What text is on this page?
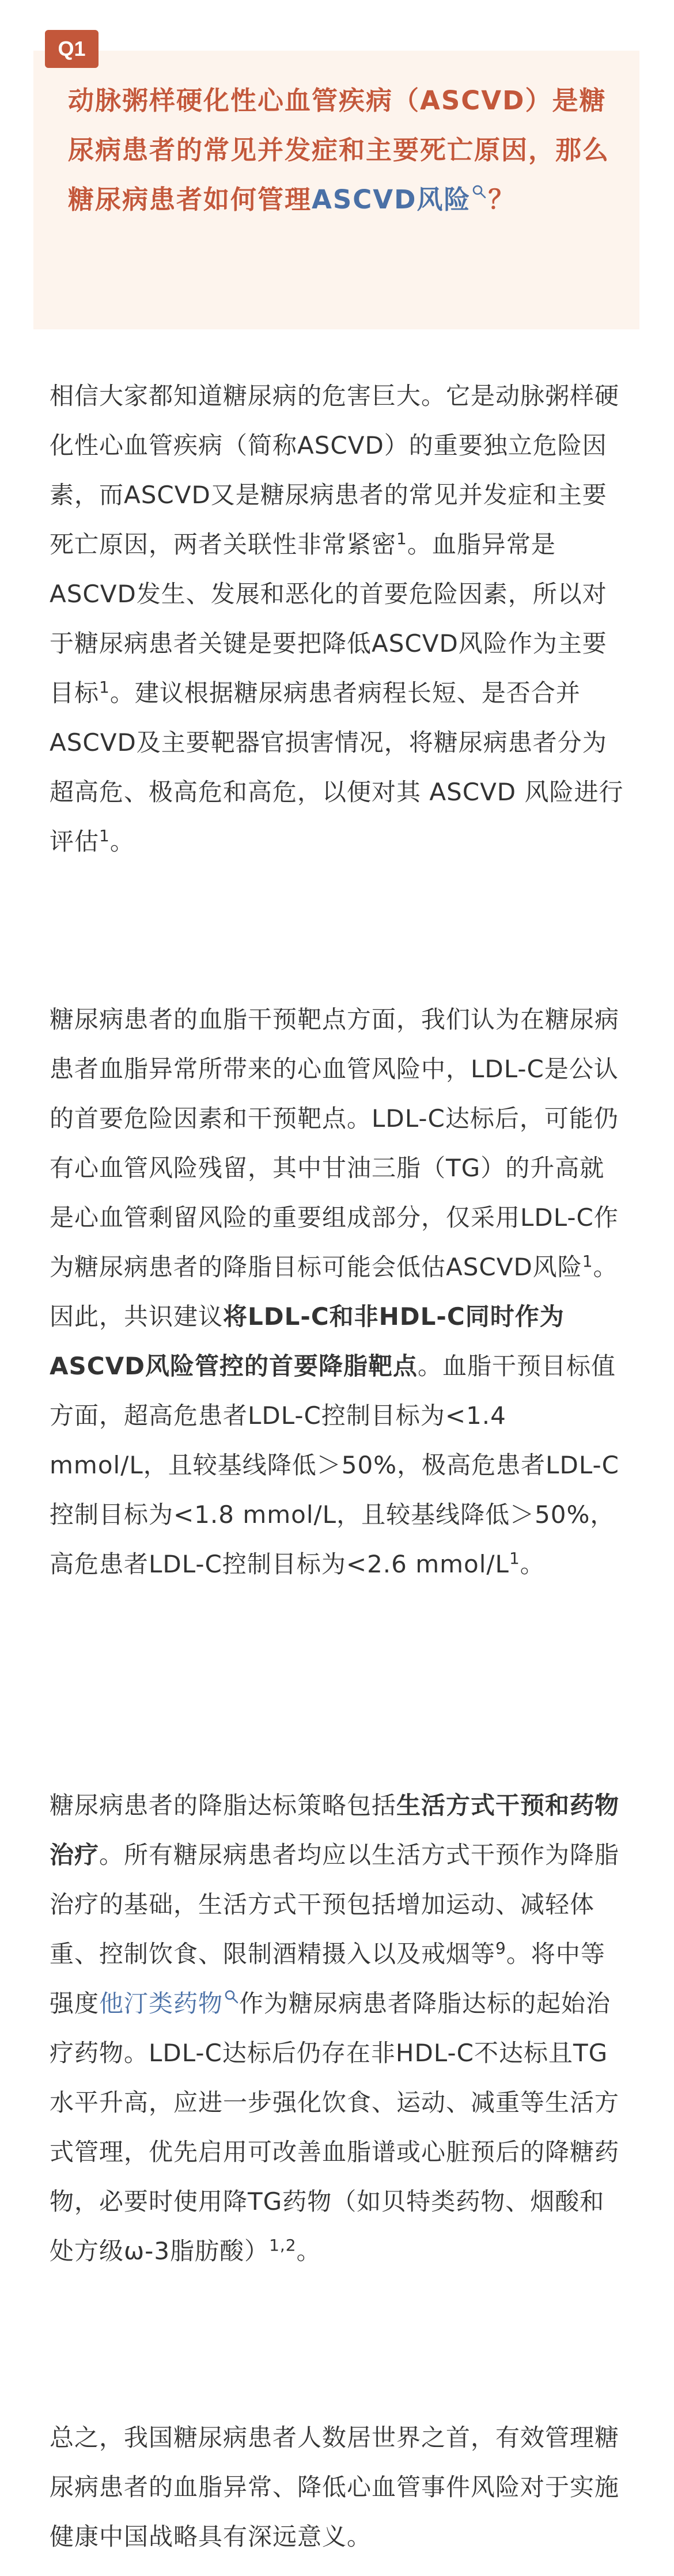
Q1
动脉粥样硬化性心血管疾病（ASCVD）是糖尿病患者的常见并发症和主要死亡原因，那么糖尿病患者如何管理ASCVD风险 ？
相信大家都知道糖尿病的危害巨大。它是动脉粥样硬化性心血管疾病（简称ASCVD）的重要独立危险因素，而ASCVD又是糖尿病患者的常见并发症和主要死亡原因，两者关联性非常紧密$^1$。血脂异常是ASCVD发生、发展和恶化的首要危险因素，所以对于糖尿病患者关键是要把降低ASCVD风险作为主要目标$^1$。建议根据糖尿病患者病程长短、是否合并ASCVD及主要靶器官损害情况，将糖尿病患者分为超高危、极高危和高危，以便对其 ASCVD 风险进行评估$^1$。
糖尿病患者的血脂干预靶点方面，我们认为在糖尿病患者血脂异常所带来的心血管风险中，LDL-C是公认的首要危险因素和干预靶点。LDL-C达标后，可能仍有心血管风险残留，其中甘油三脂（TG）的升高就是心血管剩留风险的重要组成部分，仅采用LDL-C作为糖尿病患者的降脂目标可能会低估ASCVD风险$^1$。因此，共识建议将LDL-C和非HDL-C同时作为ASCVD风险管控的首要降脂靶点。血脂干预目标值方面，超高危患者LDL-C控制目标为<1.4 mmol/L，且较基线降低＞50%，极高危患者LDL-C控制目标为<1.8 mmol/L，且较基线降低＞50%，高危患者LDL-C控制目标为<2.6 mmol/$L^1$。
糖尿病患者的降脂达标策略包括生活方式干预和药物治疗。所有糖尿病患者均应以生活方式干预作为降脂治疗的基础，生活方式干预包括增加运动、减轻体重、控制饮食、限制酒精摄入以及戒烟等$^9$。将中等强度他汀类药物 作为糖尿病患者降脂达标的起始治疗药物。LDL-C达标后仍存在非HDL-C不达标且TG水平升高，应进一步强化饮食、运动、减重等生活方式管理，优先启用可改善血脂谱或心脏预后的降糖药物，必要时使用降TG药物（如贝特类药物、烟酸和处方级ω-3脂肪酸）$^{1,2}$。
总之，我国糖尿病患者人数居世界之首，有效管理糖尿病患者的血脂异常、降低心血管事件风险对于实施健康中国战略具有深远意义。
